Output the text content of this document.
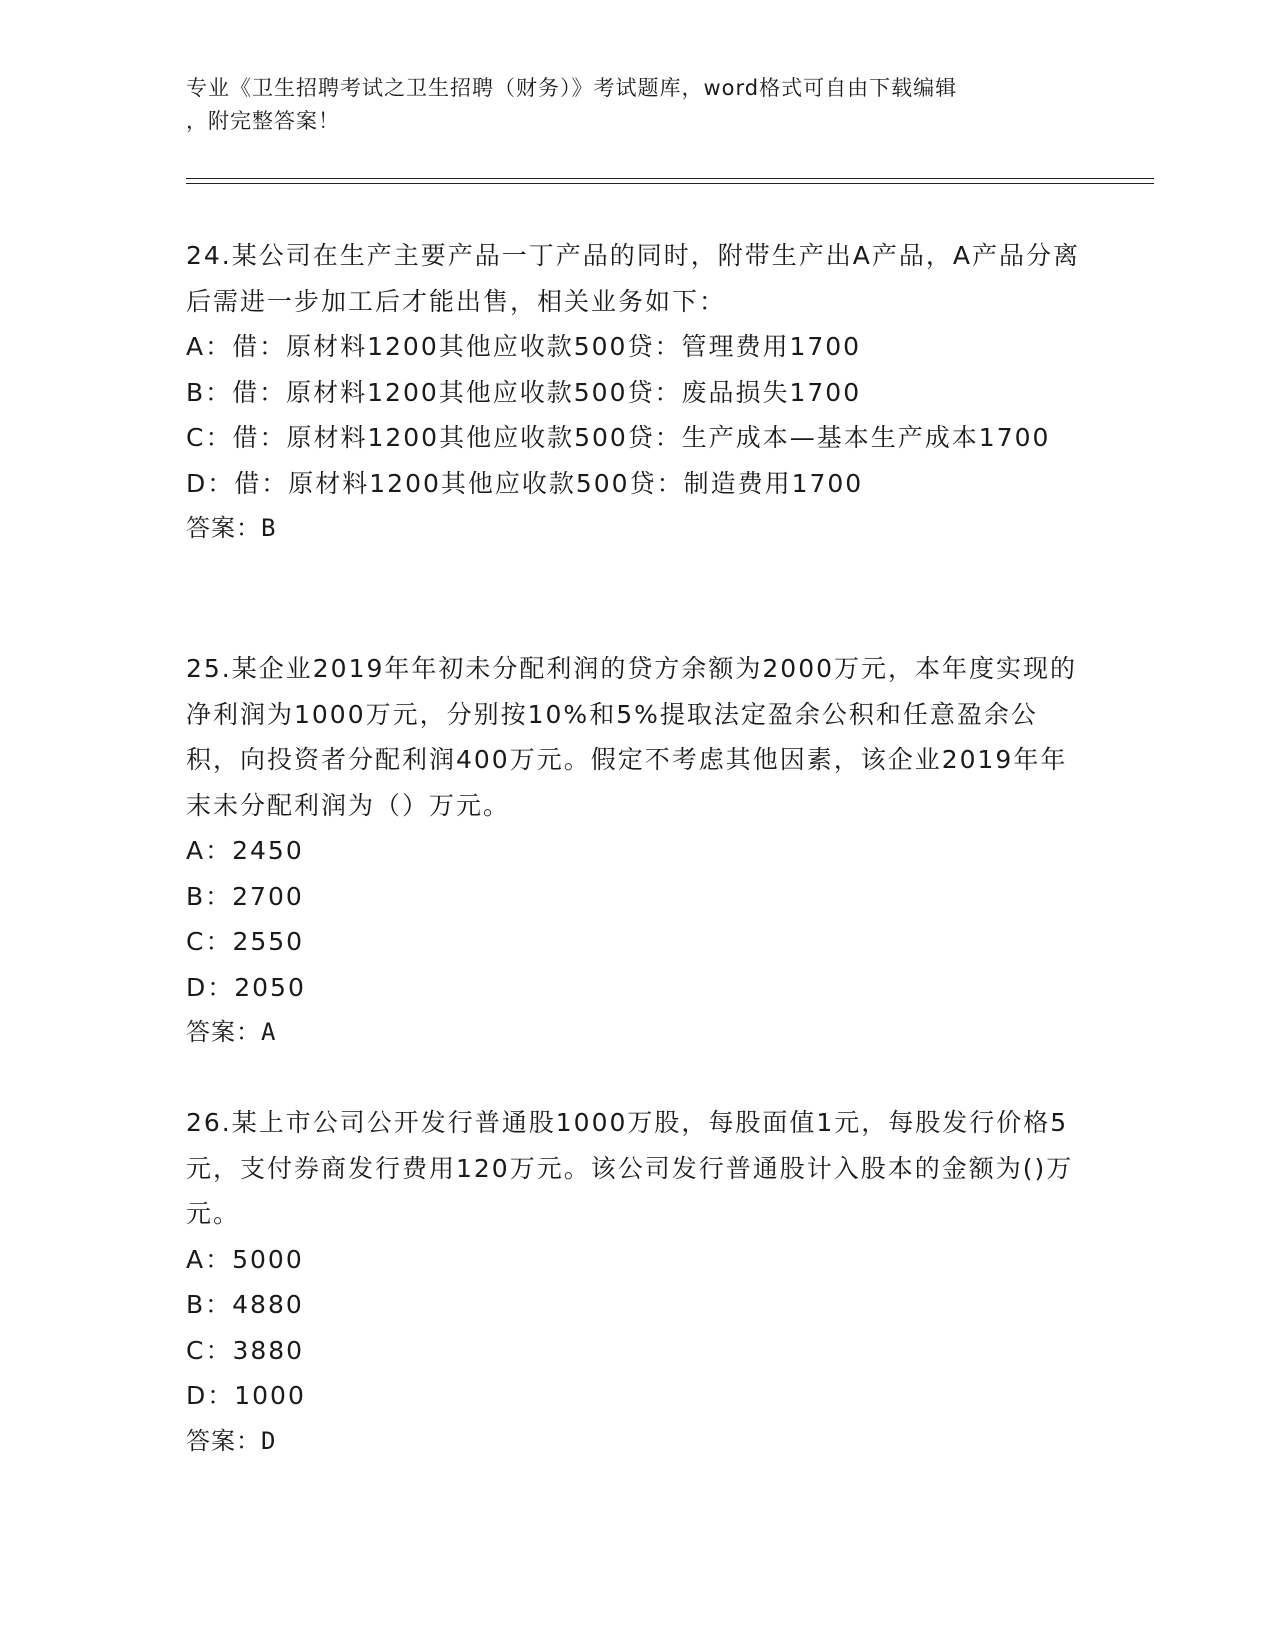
专业《卫生招聘考试之卫生招聘（财务）》考试题库，word格式可自由下载编辑
，附完整答案！

24.某公司在生产主要产品一丁产品的同时，附带生产出A产品，A产品分离后需进一步加工后才能出售，相关业务如下：

A：借：原材料1200其他应收款500贷：管理费用1700

B：借：原材料1200其他应收款500贷：废品损失1700

C：借：原材料1200其他应收款500贷：生产成本—基本生产成本1700

D：借：原材料1200其他应收款500贷：制造费用1700

答案：B

25.某企业2019年年初未分配利润的贷方余额为2000万元，本年度实现的净利润为1000万元，分别按10%和5%提取法定盈余公积和任意盈余公积，向投资者分配利润400万元。假定不考虑其他因素，该企业2019年年末未分配利润为（）万元。

A：2450

B：2700

C：2550

D：2050

答案：A

26.某上市公司公开发行普通股1000万股，每股面值1元，每股发行价格5元，支付券商发行费用120万元。该公司发行普通股计入股本的金额为()万元。

A：5000

B：4880

C：3880

D：1000

答案：D
